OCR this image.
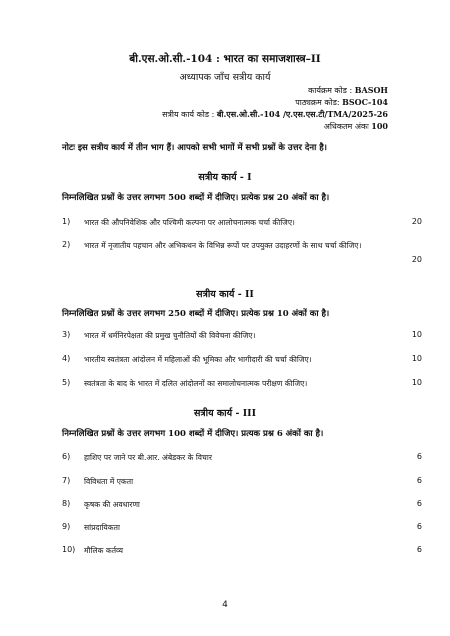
बी.एस.ओ.सी.-104 : भारत का समाजशास्त्र–II
अध्यापक जाँच सत्रीय कार्य
कार्यक्रम कोड : BASOH
पाठ्यक्रम कोड: BSOC-104
सत्रीय कार्य कोड : बी.एस.ओ.सी.-104 /ए.एस.एस.टी/TMA/2025-26
अधिकतम अंकः 100
नोटः इस सत्रीय कार्य में तीन भाग हैं। आपको सभी भागों में सभी प्रश्नों के उत्तर देना है।
सत्रीय कार्य - I
निम्नलिखित प्रश्नों के उत्तर लगभग 500 शब्दों में दीजिए। प्रत्येक प्रश्न 20 अंकों का है।
1) भारत की औपनिवेशिक और पश्चिमी कल्पना पर आलोचनात्मक चर्चा कीजिए।	20
2) भारत में नृजातीय पहचान और अभिकथन के विभिन्न रूपों पर उपयुक्त उदाहरणों के साथ चर्चा कीजिए।
20
सत्रीय कार्य - II
निम्नलिखित प्रश्नों के उत्तर लगभग 250 शब्दों में दीजिए। प्रत्येक प्रश्न 10 अंकों का है।
3) भारत में धर्मनिरपेक्षता की प्रमुख चुनौतियों की विवेचना कीजिए।	10
4) भारतीय स्वतंत्रता आंदोलन में महिलाओं की भूमिका और भागीदारी की चर्चा कीजिए।	10
5) स्वतंत्रता के बाद के भारत में दलित आंदोलनों का समालोचनात्मक परीक्षण कीजिए।	10
सत्रीय कार्य - III
निम्नलिखित प्रश्नों के उत्तर लगभग 100 शब्दों में दीजिए। प्रत्यक प्रश्न 6 अंकों का है।
6) हाशिए पर जाने पर बी.आर. अंबेडकर के विचार	6
7) विविधता में एकता	6
8) कृषक की अवधारणा	6
9) सांप्रदायिकता	6
10) मौलिक कर्तव्य	6
4
